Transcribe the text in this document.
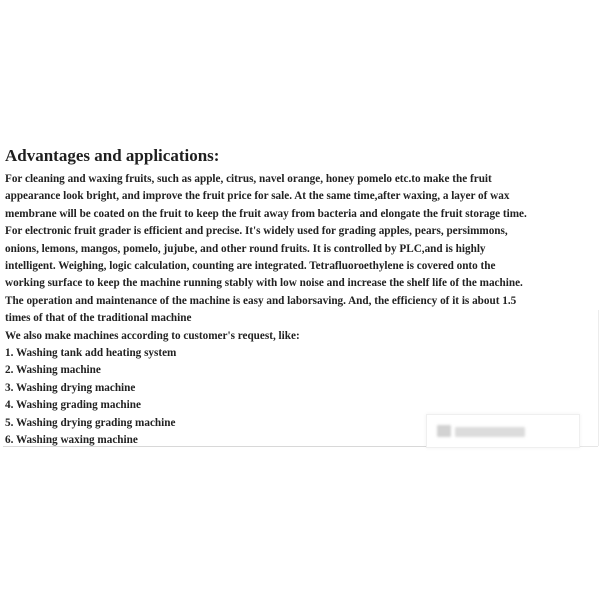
Advantages and applications:
For cleaning and waxing fruits, such as apple, citrus, navel orange, honey pomelo etc.to make the fruit
appearance look bright, and improve the fruit price for sale. At the same time,after waxing, a layer of wax
membrane will be coated on the fruit to keep the fruit away from bacteria and elongate the fruit storage time.
For electronic fruit grader is efficient and precise. It's widely used for grading apples, pears, persimmons,
onions, lemons, mangos, pomelo, jujube, and other round fruits. It is controlled by PLC,and is highly
intelligent. Weighing, logic calculation, counting are integrated. Tetrafluoroethylene is covered onto the
working surface to keep the machine running stably with low noise and increase the shelf life of the machine.
The operation and maintenance of the machine is easy and laborsaving. And, the efficiency of it is about 1.5
times of that of the traditional machine
We also make machines according to customer's request, like:
1. Washing tank add heating system
2. Washing machine
3. Washing drying machine
4. Washing grading machine
5. Washing drying grading machine
6. Washing waxing machine
